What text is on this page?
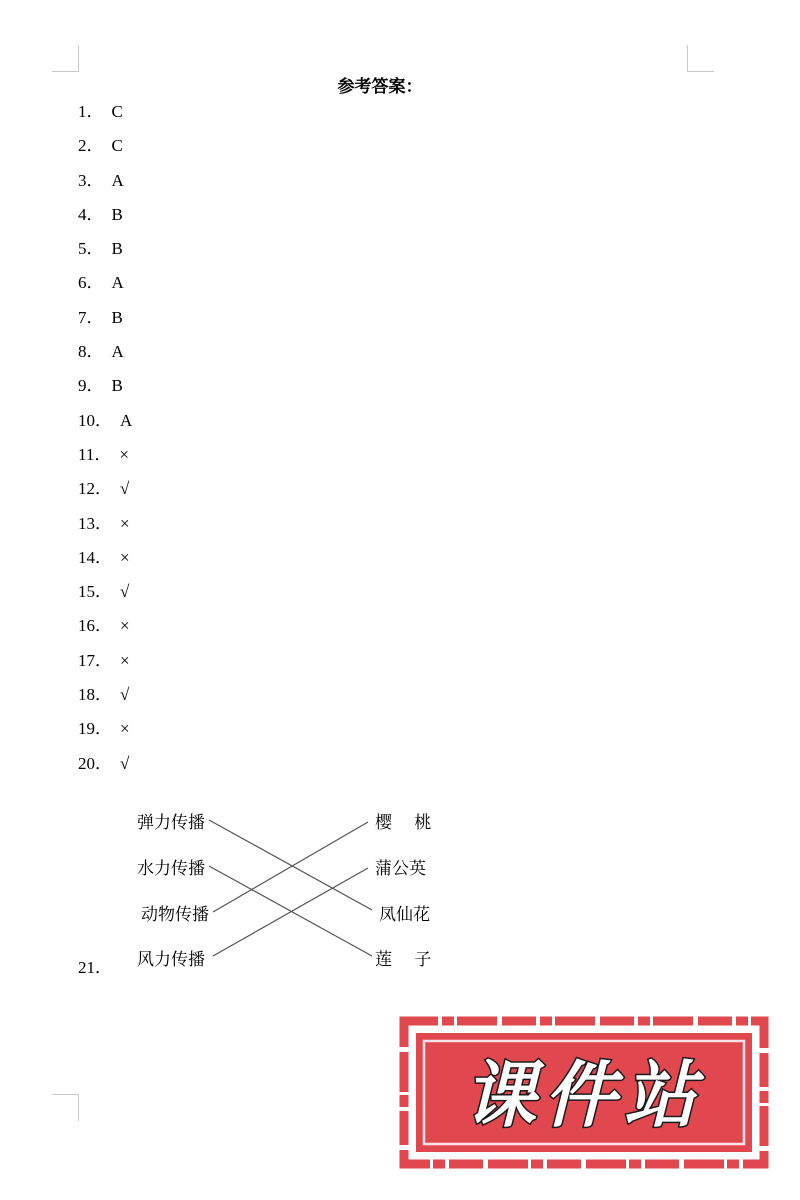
参考答案：
1． C
2． C
3． A
4． B
5． B
6． A
7． B
8． A
9． B
10． A
11． ×
12． √
13． ×
14． ×
15． √
16． ×
17． ×
18． √
19． ×
20． √
21．
弹力传播
水力传播
动物传播
风力传播
樱　 桃
蒲公英
凤仙花
莲　 子
课件站
